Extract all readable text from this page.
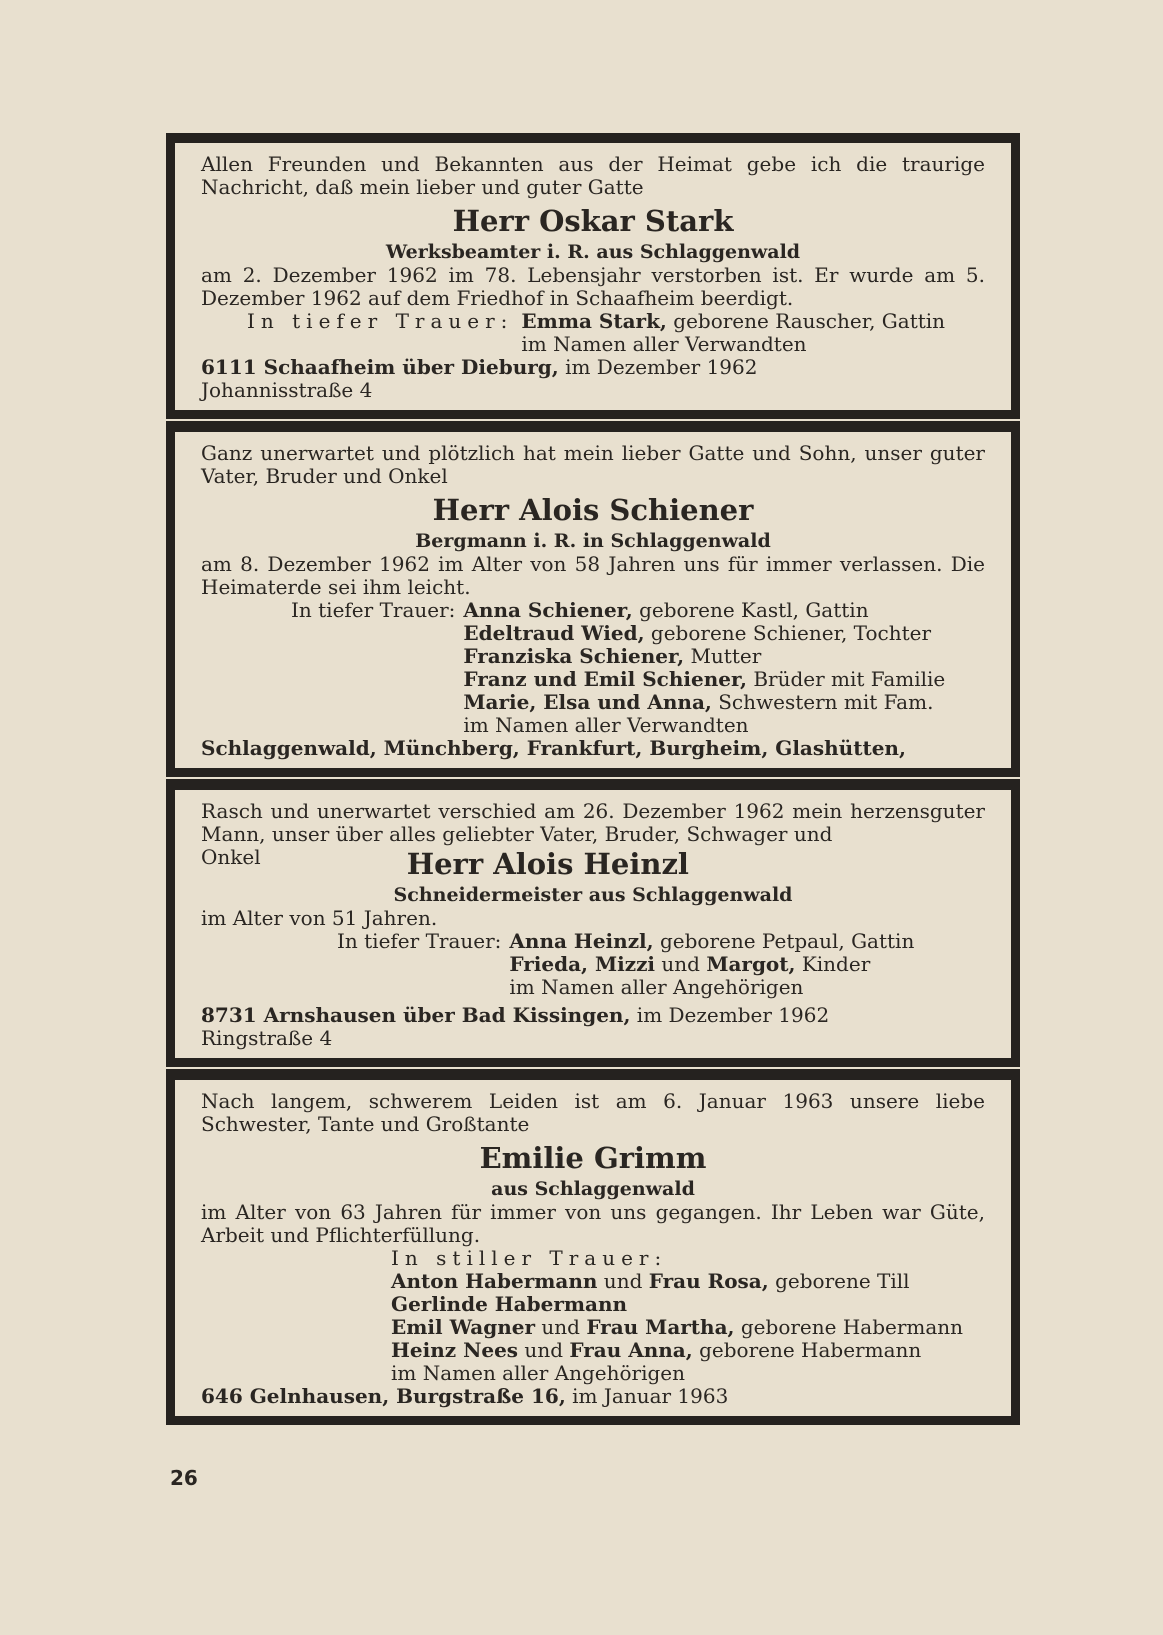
Allen Freunden und Bekannten aus der Heimat gebe ich die traurige Nachricht, daß mein lieber und guter Gatte
Herr Oskar Stark
Werksbeamter i. R. aus Schlaggenwald
am 2. Dezember 1962 im 78. Lebensjahr verstorben ist. Er wurde am 5. Dezember 1962 auf dem Friedhof in Schaafheim beerdigt.
In tiefer Trauer: Emma Stark, geborene Rauscher, Gattin
im Namen aller Verwandten
6111 Schaafheim über Dieburg, im Dezember 1962
Johannisstraße 4
Ganz unerwartet und plötzlich hat mein lieber Gatte und Sohn, unser guter Vater, Bruder und Onkel
Herr Alois Schiener
Bergmann i. R. in Schlaggenwald
am 8. Dezember 1962 im Alter von 58 Jahren uns für immer verlassen. Die Heimaterde sei ihm leicht.
In tiefer Trauer: Anna Schiener, geborene Kastl, Gattin
Edeltraud Wied, geborene Schiener, Tochter
Franziska Schiener, Mutter
Franz und Emil Schiener, Brüder mit Familie
Marie, Elsa und Anna, Schwestern mit Fam.
im Namen aller Verwandten
Schlaggenwald, Münchberg, Frankfurt, Burgheim, Glashütten,
Rasch und unerwartet verschied am 26. Dezember 1962 mein herzensguter Mann, unser über alles geliebter Vater, Bruder, Schwager und
Onkel	Herr Alois Heinzl
Schneidermeister aus Schlaggenwald
im Alter von 51 Jahren.
In tiefer Trauer: Anna Heinzl, geborene Petpaul, Gattin
Frieda, Mizzi und Margot, Kinder
im Namen aller Angehörigen
8731 Arnshausen über Bad Kissingen, im Dezember 1962
Ringstraße 4
Nach langem, schwerem Leiden ist am 6. Januar 1963 unsere liebe Schwester, Tante und Großtante
Emilie Grimm
aus Schlaggenwald
im Alter von 63 Jahren für immer von uns gegangen. Ihr Leben war Güte, Arbeit und Pflichterfüllung.
In stiller Trauer:
Anton Habermann und Frau Rosa, geborene Till
Gerlinde Habermann
Emil Wagner und Frau Martha, geborene Habermann
Heinz Nees und Frau Anna, geborene Habermann
im Namen aller Angehörigen
646 Gelnhausen, Burgstraße 16, im Januar 1963
26
